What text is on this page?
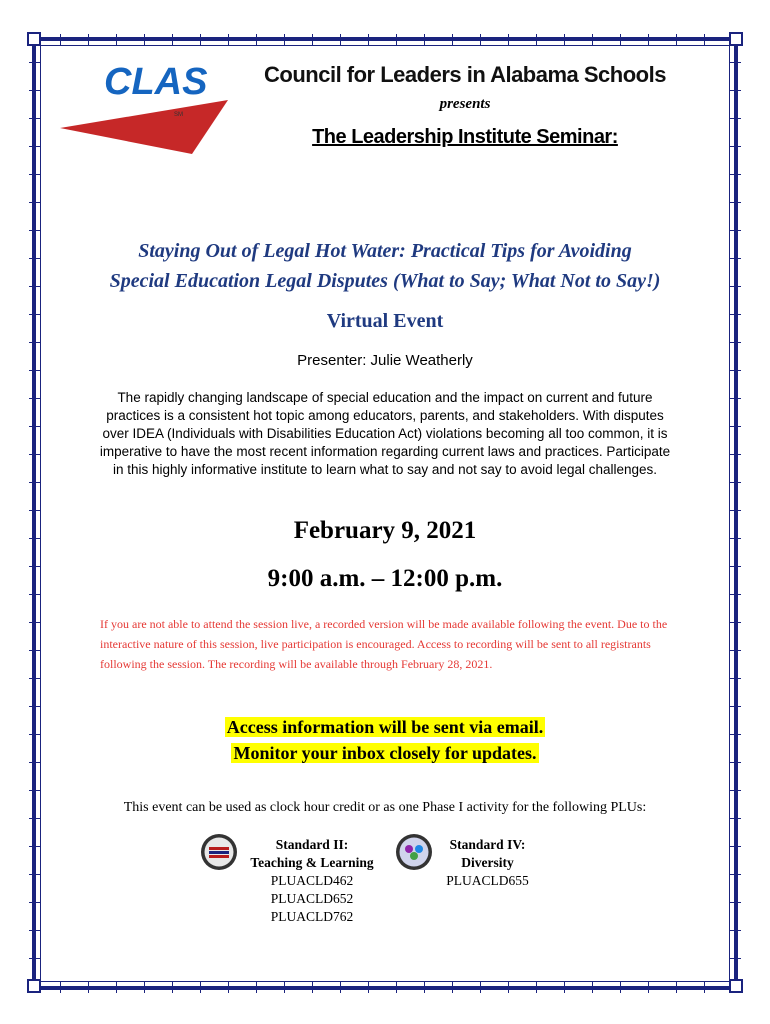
CLAS
SM
Council for Leaders in Alabama Schools
presents
The Leadership Institute Seminar:
Staying Out of Legal Hot Water: Practical Tips for Avoiding
Special Education Legal Disputes (What to Say; What Not to Say!)
Virtual Event
Presenter: Julie Weatherly
The rapidly changing landscape of special education and the impact on current and future practices is a consistent hot topic among educators, parents, and stakeholders. With disputes over IDEA (Individuals with Disabilities Education Act) violations becoming all too common, it is imperative to have the most recent information regarding current laws and practices. Participate in this highly informative institute to learn what to say and not say to avoid legal challenges.
February 9, 2021
9:00 a.m. – 12:00 p.m.
If you are not able to attend the session live, a recorded version will be made available following the event. Due to the interactive nature of this session, live participation is encouraged. Access to recording will be sent to all registrants following the session. The recording will be available through February 28, 2021.
Access information will be sent via email.
Monitor your inbox closely for updates.
This event can be used as clock hour credit or as one Phase I activity for the following PLUs:
Standard II:
Teaching & Learning
PLUACLD462
PLUACLD652
PLUACLD762
Standard IV:
Diversity
PLUACLD655
